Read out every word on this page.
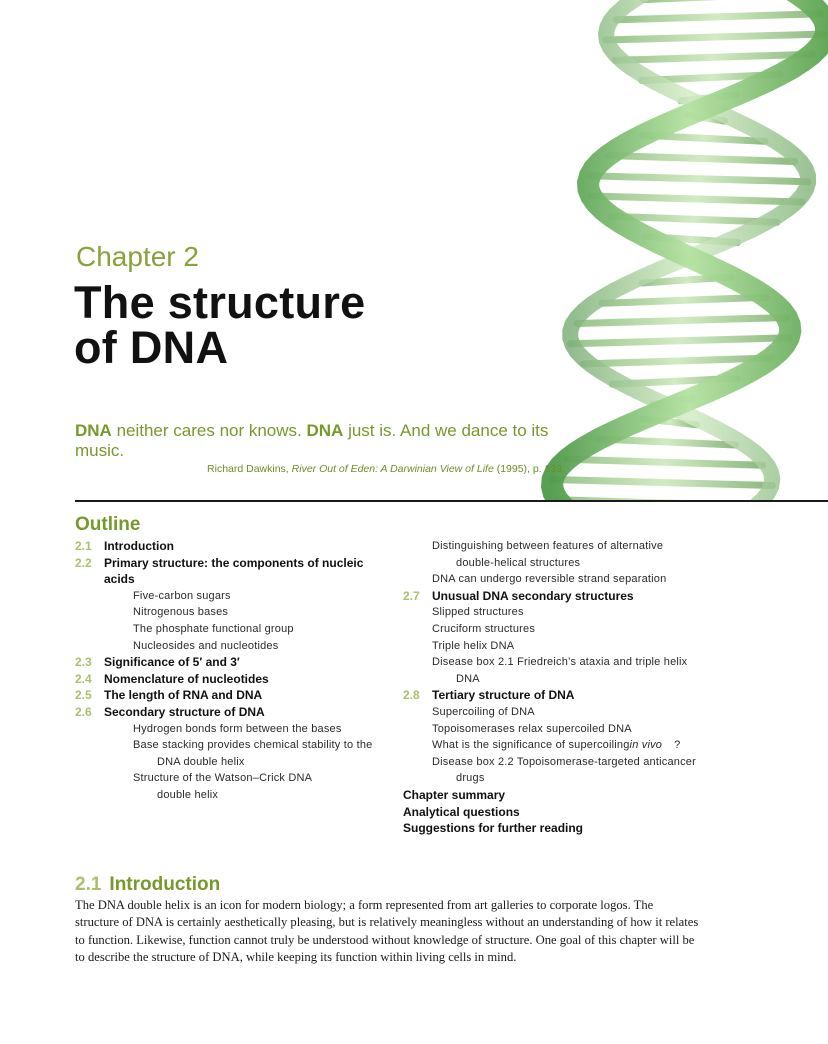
Chapter 2
The structure
of DNA
DNA neither cares nor knows. DNA just is. And we dance to its music.
Richard Dawkins, River Out of Eden: A Darwinian View of Life (1995), p. 133.
Outline
2.1 Introduction
2.2 Primary structure: the components of nucleic acids
Five-carbon sugars
Nitrogenous bases
The phosphate functional group
Nucleosides and nucleotides
2.3 Significance of 5′ and 3′
2.4 Nomenclature of nucleotides
2.5 The length of RNA and DNA
2.6 Secondary structure of DNA
Hydrogen bonds form between the bases
Base stacking provides chemical stability to the
DNA double helix
Structure of the Watson–Crick DNA
double helix
Distinguishing between features of alternative
double-helical structures
DNA can undergo reversible strand separation
2.7 Unusual DNA secondary structures
Slipped structures
Cruciform structures
Triple helix DNA
Disease box 2.1 Friedreich’s ataxia and triple helix
DNA
2.8 Tertiary structure of DNA
Supercoiling of DNA
Topoisomerases relax supercoiled DNA
What is the significance of supercoilingin vivo ?
Disease box 2.2 Topoisomerase-targeted anticancer
drugs
Chapter summary
Analytical questions
Suggestions for further reading
2.1 Introduction

The DNA double helix is an icon for modern biology; a form represented from art galleries to corporate logos. The structure of DNA is certainly aesthetically pleasing, but is relatively meaningless without an understanding of how it relates to function. Likewise, function cannot truly be understood without knowledge of structure. One goal of this chapter will be to describe the structure of DNA, while keeping its function within living cells in mind.
